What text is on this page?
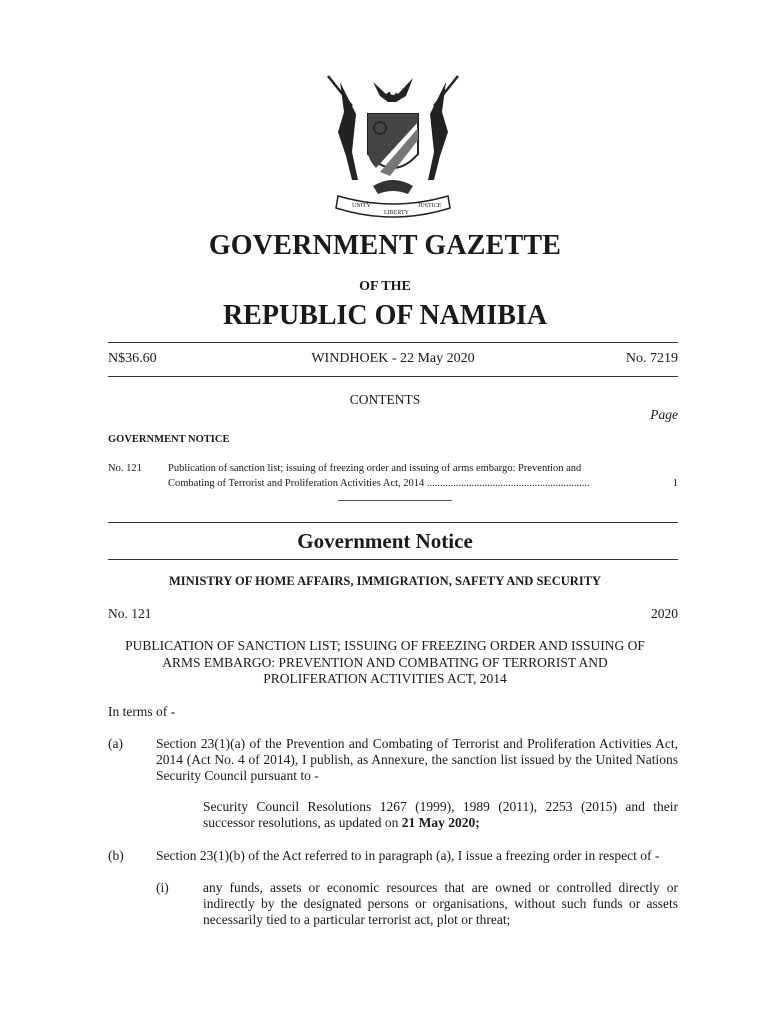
UNITY
LIBERTY
JUSTICE
GOVERNMENT GAZETTE
OF THE
REPUBLIC OF NAMIBIA
N$36.60	WINDHOEK - 22 May 2020	No. 7219
CONTENTS
Page
GOVERNMENT NOTICE
No. 121 Publication of sanction list; issuing of freezing order and issuing of arms embargo: Prevention and
Combating of Terrorist and Proliferation Activities Act, 2014 ..............................................................	1
Government Notice
MINISTRY OF HOME AFFAIRS, IMMIGRATION, SAFETY AND SECURITY
No. 121	2020
PUBLICATION OF SANCTION LIST; ISSUING OF FREEZING ORDER AND ISSUING OF
ARMS EMBARGO: PREVENTION AND COMBATING OF TERRORIST AND
PROLIFERATION ACTIVITIES ACT, 2014
In terms of -
(a) Section 23(1)(a) of the Prevention and Combating of Terrorist and Proliferation Activities Act, 2014 (Act No. 4 of 2014), I publish, as Annexure, the sanction list issued by the United Nations Security Council pursuant to -
Security Council Resolutions 1267 (1999), 1989 (2011), 2253 (2015) and their successor resolutions, as updated on 21 May 2020;
(b) Section 23(1)(b) of the Act referred to in paragraph (a), I issue a freezing order in respect of -
(i)	any funds, assets or economic resources that are owned or controlled directly or indirectly by the designated persons or organisations, without such funds or assets necessarily tied to a particular terrorist act, plot or threat;
